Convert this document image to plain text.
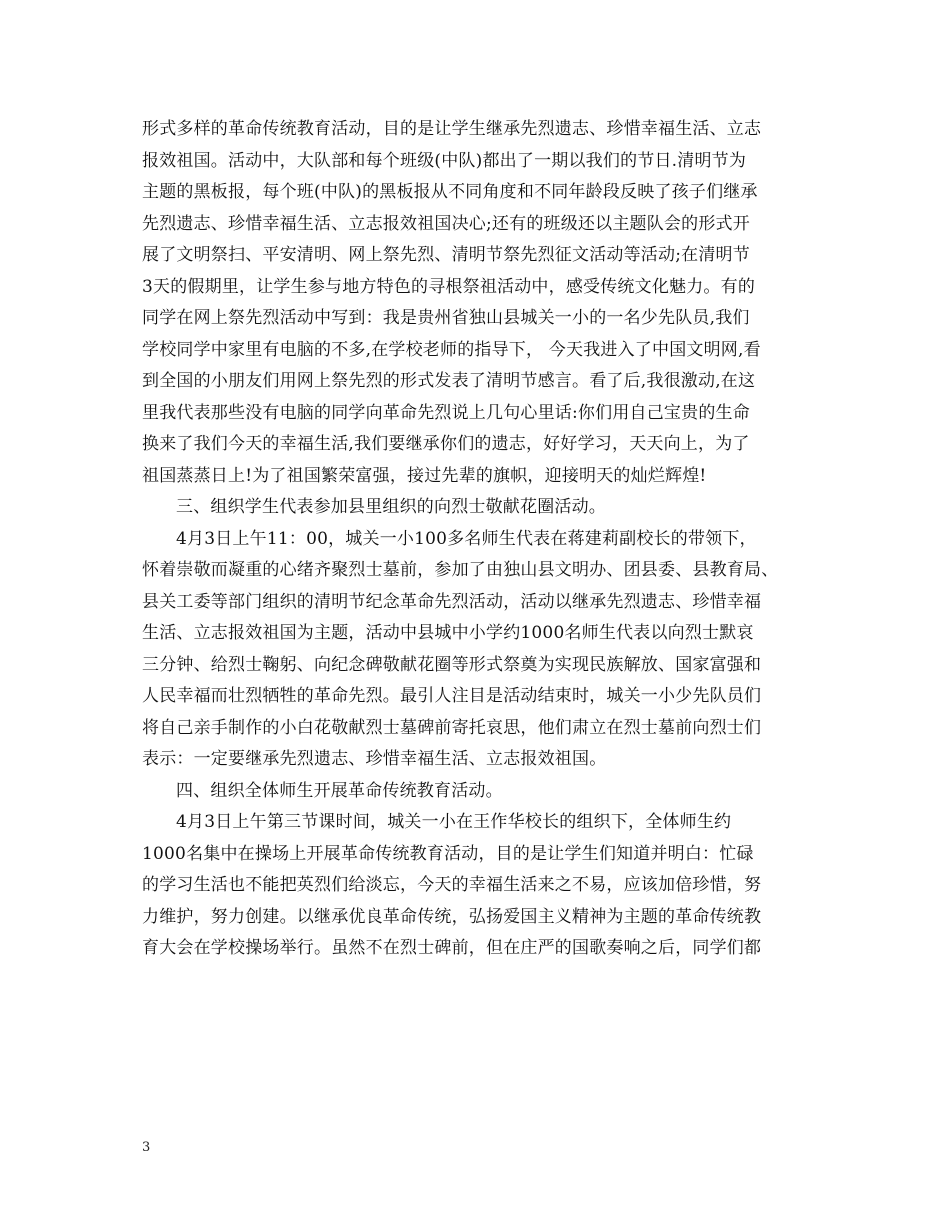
形式多样的革命传统教育活动，目的是让学生继承先烈遗志、珍惜幸福生活、立志
报效祖国。活动中，大队部和每个班级(中队)都出了一期以我们的节日.清明节为
主题的黑板报，每个班(中队)的黑板报从不同角度和不同年龄段反映了孩子们继承
先烈遗志、珍惜幸福生活、立志报效祖国决心;还有的班级还以主题队会的形式开
展了文明祭扫、平安清明、网上祭先烈、清明节祭先烈征文活动等活动;在清明节
3天的假期里，让学生参与地方特色的寻根祭祖活动中，感受传统文化魅力。有的
同学在网上祭先烈活动中写到：我是贵州省独山县城关一小的一名少先队员,我们
学校同学中家里有电脑的不多,在学校老师的指导下， 今天我进入了中国文明网,看
到全国的小朋友们用网上祭先烈的形式发表了清明节感言。看了后,我很激动,在这
里我代表那些没有电脑的同学向革命先烈说上几句心里话:你们用自己宝贵的生命
换来了我们今天的幸福生活,我们要继承你们的遗志，好好学习，天天向上，为了
祖国蒸蒸日上!为了祖国繁荣富强，接过先辈的旗帜，迎接明天的灿烂辉煌!

三、组织学生代表参加县里组织的向烈士敬献花圈活动。

4月3日上午11：00，城关一小100多名师生代表在蒋建莉副校长的带领下，
怀着崇敬而凝重的心绪齐聚烈士墓前，参加了由独山县文明办、团县委、县教育局、
县关工委等部门组织的清明节纪念革命先烈活动，活动以继承先烈遗志、珍惜幸福
生活、立志报效祖国为主题，活动中县城中小学约1000名师生代表以向烈士默哀
三分钟、给烈士鞠躬、向纪念碑敬献花圈等形式祭奠为实现民族解放、国家富强和
人民幸福而壮烈牺牲的革命先烈。最引人注目是活动结束时，城关一小少先队员们
将自己亲手制作的小白花敬献烈士墓碑前寄托哀思，他们肃立在烈士墓前向烈士们
表示：一定要继承先烈遗志、珍惜幸福生活、立志报效祖国。

四、组织全体师生开展革命传统教育活动。

4月3日上午第三节课时间，城关一小在王作华校长的组织下，全体师生约
1000名集中在操场上开展革命传统教育活动，目的是让学生们知道并明白：忙碌
的学习生活也不能把英烈们给淡忘，今天的幸福生活来之不易，应该加倍珍惜，努
力维护，努力创建。以继承优良革命传统，弘扬爱国主义精神为主题的革命传统教
育大会在学校操场举行。虽然不在烈士碑前，但在庄严的国歌奏响之后，同学们都

3
